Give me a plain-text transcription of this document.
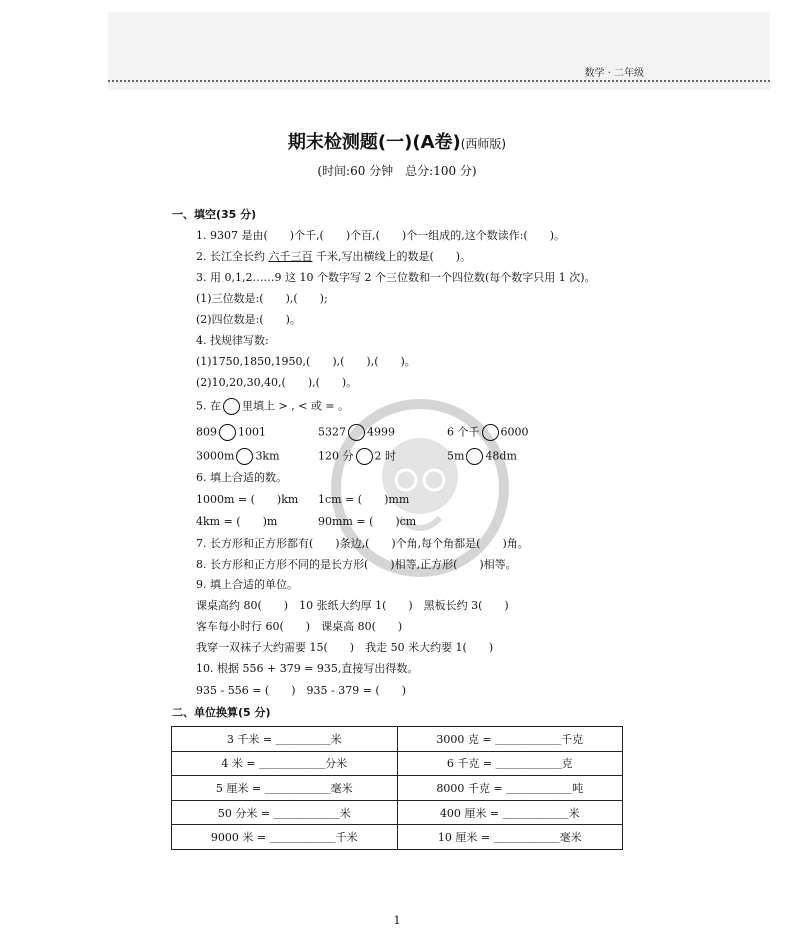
数学 · 二年级
期末检测题(一)(A卷)(西师版)
(时间:60 分钟　总分:100 分)
一、填空(35 分)
1. 9307 是由(　　)个千,(　　)个百,(　　)个一组成的,这个数读作:(　　)。
2. 长江全长约 六千三百 千米,写出横线上的数是(　　)。
3. 用 0,1,2……9 这 10 个数字写 2 个三位数和一个四位数(每个数字只用 1 次)。
(1)三位数是:(　　),(　　);
(2)四位数是:(　　)。
4. 找规律写数:
(1)1750,1850,1950,(　　),(　　),(　　)。
(2)10,20,30,40,(　　),(　　)。
5. 在 里填上 > , < 或 = 。
809 1001	5327 4999	6 个千 6000
3000m 3km	120 分 2 时	5m 48dm
6. 填上合适的数。
1000m = (　　)km 1cm = (　　)mm
4km = (　　)m	90mm = (　　)cm
7. 长方形和正方形都有(　　)条边,(　　)个角,每个角都是(　　)角。
8. 长方形和正方形不同的是长方形(　　)相等,正方形(　　)相等。
9. 填上合适的单位。
课桌高约 80(　　)　10 张纸大约厚 1(　　)　黑板长约 3(　　)
客车每小时行 60(　　)　课桌高 80(　　)
我穿一双袜子大约需要 15(　　)　我走 50 米大约要 1(　　)
10. 根据 556 + 379 = 935,直接写出得数。
935 - 556 = (　　)　935 - 379 = (　　)
二、单位换算(5 分)
3 千米 = ＿＿＿＿＿米	3000 克 = ＿＿＿＿＿＿千克
4 米 = ＿＿＿＿＿＿分米	6 千克 = ＿＿＿＿＿＿克
5 厘米 = ＿＿＿＿＿＿毫米	8000 千克 = ＿＿＿＿＿＿吨
50 分米 = ＿＿＿＿＿＿米	400 厘米 = ＿＿＿＿＿＿米
9000 米 = ＿＿＿＿＿＿千米	10 厘米 = ＿＿＿＿＿＿毫米
1
